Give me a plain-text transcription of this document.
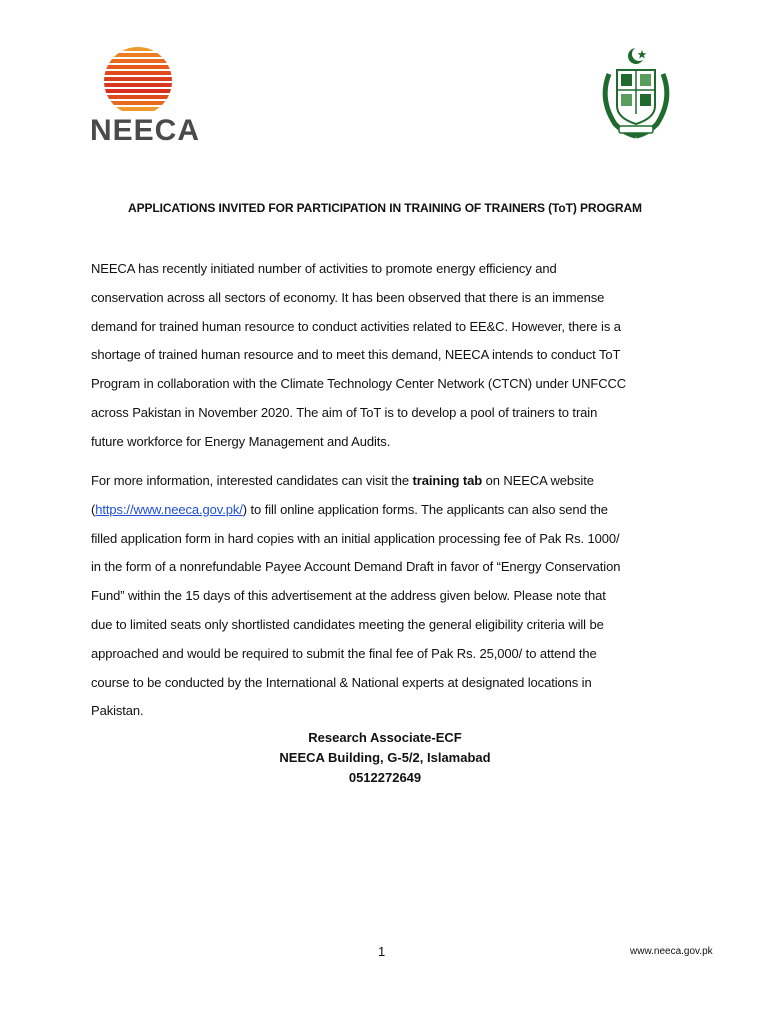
NEECA
APPLICATIONS INVITED FOR PARTICIPATION IN TRAINING OF TRAINERS (ToT) PROGRAM
NEECA has recently initiated number of activities to promote energy efficiency and
conservation across all sectors of economy. It has been observed that there is an immense
demand for trained human resource to conduct activities related to EE&C. However, there is a
shortage of trained human resource and to meet this demand, NEECA intends to conduct ToT
Program in collaboration with the Climate Technology Center Network (CTCN) under UNFCCC
across Pakistan in November 2020. The aim of ToT is to develop a pool of trainers to train
future workforce for Energy Management and Audits.
For more information, interested candidates can visit the training tab on NEECA website
(https://www.neeca.gov.pk/) to fill online application forms. The applicants can also send the
filled application form in hard copies with an initial application processing fee of Pak Rs. 1000/
in the form of a nonrefundable Payee Account Demand Draft in favor of “Energy Conservation
Fund” within the 15 days of this advertisement at the address given below. Please note that
due to limited seats only shortlisted candidates meeting the general eligibility criteria will be
approached and would be required to submit the final fee of Pak Rs. 25,000/ to attend the
course to be conducted by the International & National experts at designated locations in
Pakistan.
Research Associate-ECF
NEECA Building, G-5/2, Islamabad
0512272649
1	www.neeca.gov.pk
